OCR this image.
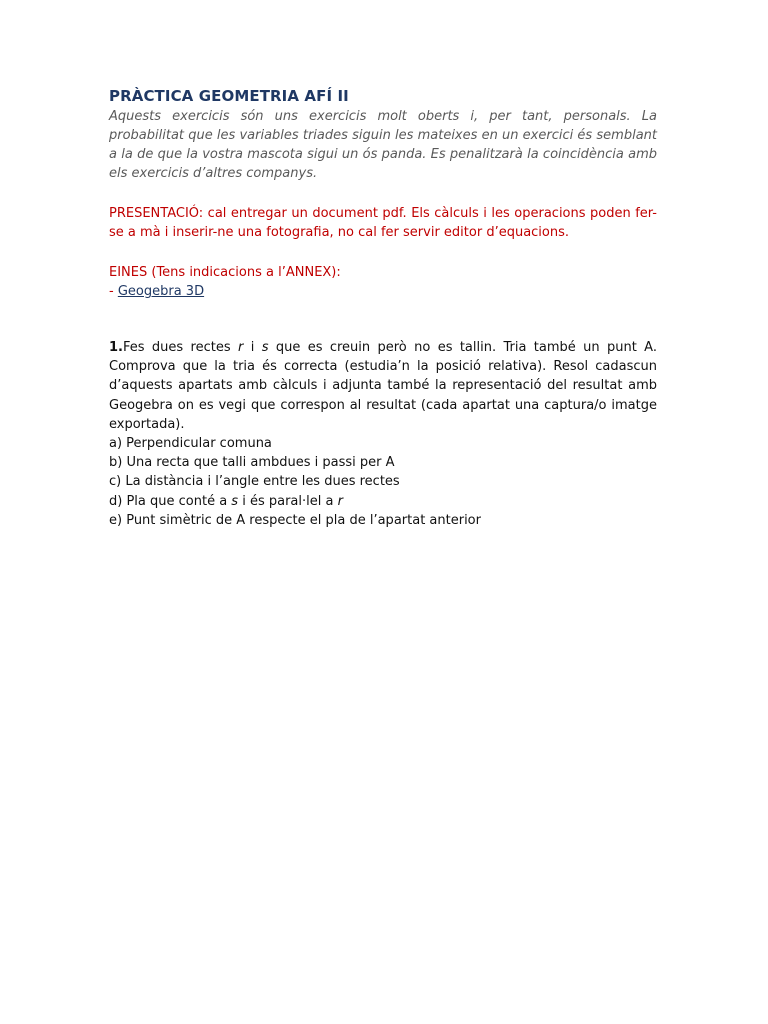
PRÀCTICA GEOMETRIA AFÍ II

Aquests exercicis són uns exercicis molt oberts i, per tant, personals. La probabilitat que les variables triades siguin les mateixes en un exercici és semblant a la de que la vostra mascota sigui un ós panda. Es penalitzarà la coincidència amb els exercicis d’altres companys.

PRESENTACIÓ: cal entregar un document pdf. Els càlculs i les operacions poden fer-se a mà i inserir-ne una fotografia, no cal fer servir editor d’equacions.

EINES (Tens indicacions a l’ANNEX):

- Geogebra 3D

1.Fes dues rectes r i s que es creuin però no es tallin. Tria també un punt A. Comprova que la tria és correcta (estudia’n la posició relativa). Resol cadascun d’aquests apartats amb càlculs i adjunta també la representació del resultat amb Geogebra on es vegi que correspon al resultat (cada apartat una captura/o imatge exportada).

a) Perpendicular comuna
b) Una recta que talli ambdues i passi per A
c) La distància i l’angle entre les dues rectes
d) Pla que conté a s i és paral·lel a r
e) Punt simètric de A respecte el pla de l’apartat anterior
